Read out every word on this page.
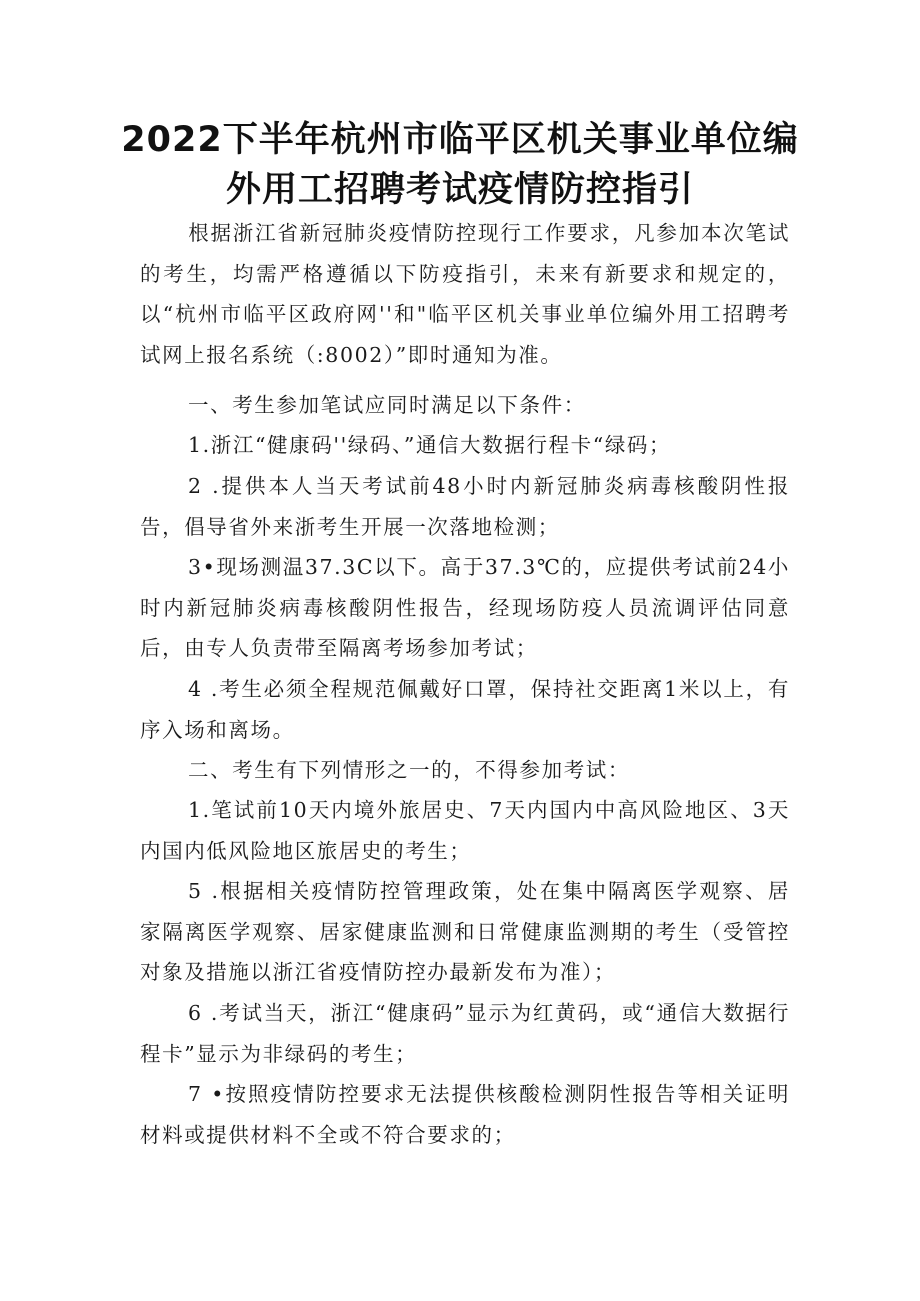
2022下半年杭州市临平区机关事业单位编
外用工招聘考试疫情防控指引

根据浙江省新冠肺炎疫情防控现行工作要求，凡参加本次笔试的考生，均需严格遵循以下防疫指引，未来有新要求和规定的，以“杭州市临平区政府网''和"临平区机关事业单位编外用工招聘考试网上报名系统（:8002）”即时通知为准。

一、考生参加笔试应同时满足以下条件：

1.浙江“健康码''绿码、”通信大数据行程卡“绿码；

2 .提供本人当天考试前48小时内新冠肺炎病毒核酸阴性报告，倡导省外来浙考生开展一次落地检测；

3•现场测温37.3C以下。高于37.3℃的，应提供考试前24小时内新冠肺炎病毒核酸阴性报告，经现场防疫人员流调评估同意后，由专人负责带至隔离考场参加考试；

4 .考生必须全程规范佩戴好口罩，保持社交距离1米以上，有序入场和离场。

二、考生有下列情形之一的，不得参加考试：

1.笔试前10天内境外旅居史、7天内国内中高风险地区、3天内国内低风险地区旅居史的考生；

5 .根据相关疫情防控管理政策，处在集中隔离医学观察、居家隔离医学观察、居家健康监测和日常健康监测期的考生（受管控对象及措施以浙江省疫情防控办最新发布为准）；

6 .考试当天，浙江“健康码”显示为红黄码，或“通信大数据行程卡”显示为非绿码的考生；

7 •按照疫情防控要求无法提供核酸检测阴性报告等相关证明材料或提供材料不全或不符合要求的；
